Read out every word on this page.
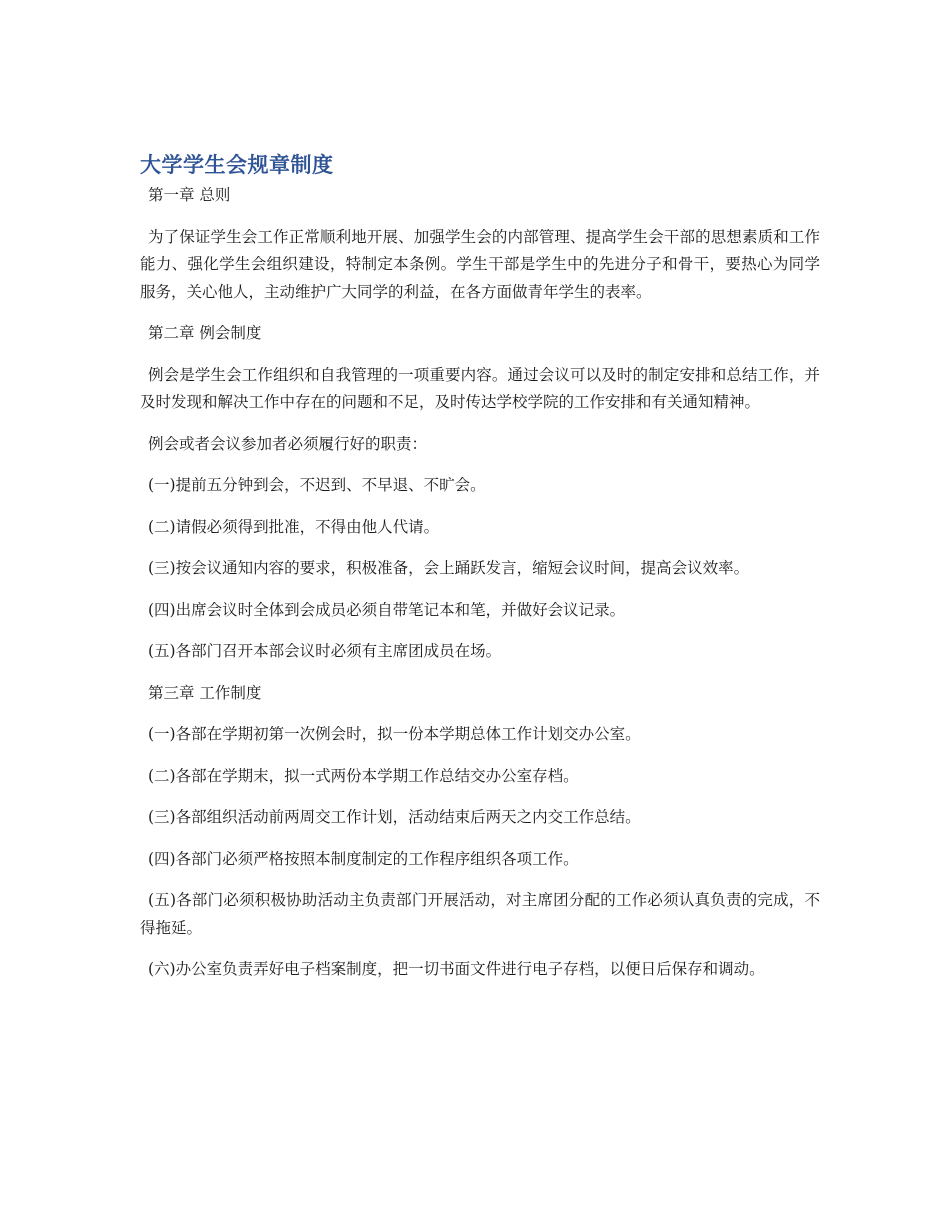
大学学生会规章制度

第一章 总则

为了保证学生会工作正常顺利地开展、加强学生会的内部管理、提高学生会干部的思想素质和工作能力、强化学生会组织建设，特制定本条例。学生干部是学生中的先进分子和骨干，要热心为同学服务，关心他人，主动维护广大同学的利益，在各方面做青年学生的表率。

第二章 例会制度

例会是学生会工作组织和自我管理的一项重要内容。通过会议可以及时的制定安排和总结工作，并及时发现和解决工作中存在的问题和不足，及时传达学校学院的工作安排和有关通知精神。

例会或者会议参加者必须履行好的职责：

(一)提前五分钟到会，不迟到、不早退、不旷会。

(二)请假必须得到批准，不得由他人代请。

(三)按会议通知内容的要求，积极准备，会上踊跃发言，缩短会议时间，提高会议效率。

(四)出席会议时全体到会成员必须自带笔记本和笔，并做好会议记录。

(五)各部门召开本部会议时必须有主席团成员在场。

第三章 工作制度

(一)各部在学期初第一次例会时，拟一份本学期总体工作计划交办公室。

(二)各部在学期末，拟一式两份本学期工作总结交办公室存档。

(三)各部组织活动前两周交工作计划，活动结束后两天之内交工作总结。

(四)各部门必须严格按照本制度制定的工作程序组织各项工作。

(五)各部门必须积极协助活动主负责部门开展活动，对主席团分配的工作必须认真负责的完成，不得拖延。

(六)办公室负责弄好电子档案制度，把一切书面文件进行电子存档，以便日后保存和调动。
